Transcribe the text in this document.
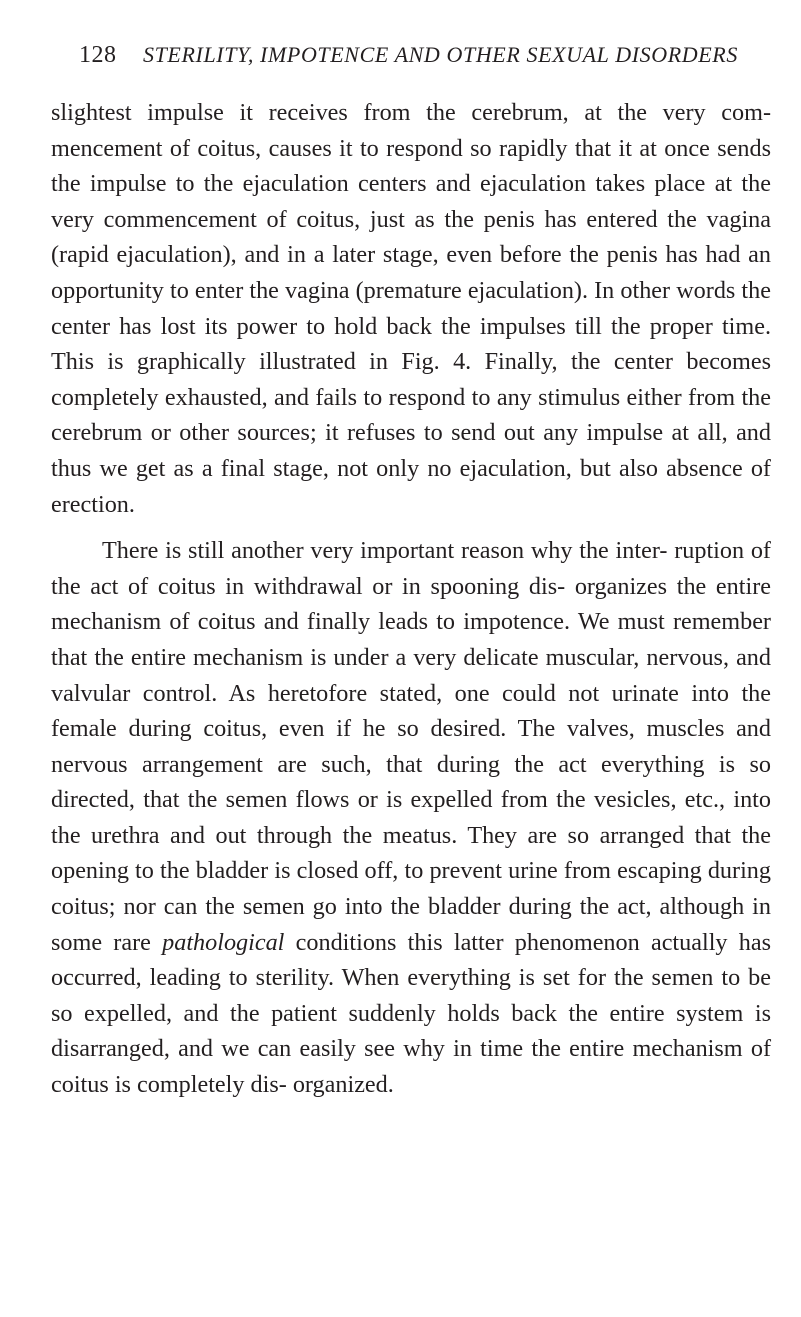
128 STERILITY, IMPOTENCE AND OTHER SEXUAL DISORDERS

slightest impulse it receives from the cerebrum, at the very com- mencement of coitus, causes it to respond so rapidly that it at once sends the impulse to the ejaculation centers and ejaculation takes place at the very commencement of coitus, just as the penis has entered the vagina (rapid ejaculation), and in a later stage, even before the penis has had an opportunity to enter the vagina (premature ejaculation). In other words the center has lost its power to hold back the impulses till the proper time. This is graphically illustrated in Fig. 4. Finally, the center becomes completely exhausted, and fails to respond to any stimulus either from the cerebrum or other sources; it refuses to send out any impulse at all, and thus we get as a final stage, not only no ejaculation, but also absence of erection.

There is still another very important reason why the inter- ruption of the act of coitus in withdrawal or in spooning dis- organizes the entire mechanism of coitus and finally leads to impotence. We must remember that the entire mechanism is under a very delicate muscular, nervous, and valvular control. As heretofore stated, one could not urinate into the female during coitus, even if he so desired. The valves, muscles and nervous arrangement are such, that during the act everything is so directed, that the semen flows or is expelled from the vesicles, etc., into the urethra and out through the meatus. They are so arranged that the opening to the bladder is closed off, to prevent urine from escaping during coitus; nor can the semen go into the bladder during the act, although in some rare pathological conditions this latter phenomenon actually has occurred, leading to sterility. When everything is set for the semen to be so expelled, and the patient suddenly holds back the entire system is disarranged, and we can easily see why in time the entire mechanism of coitus is completely dis- organized.
